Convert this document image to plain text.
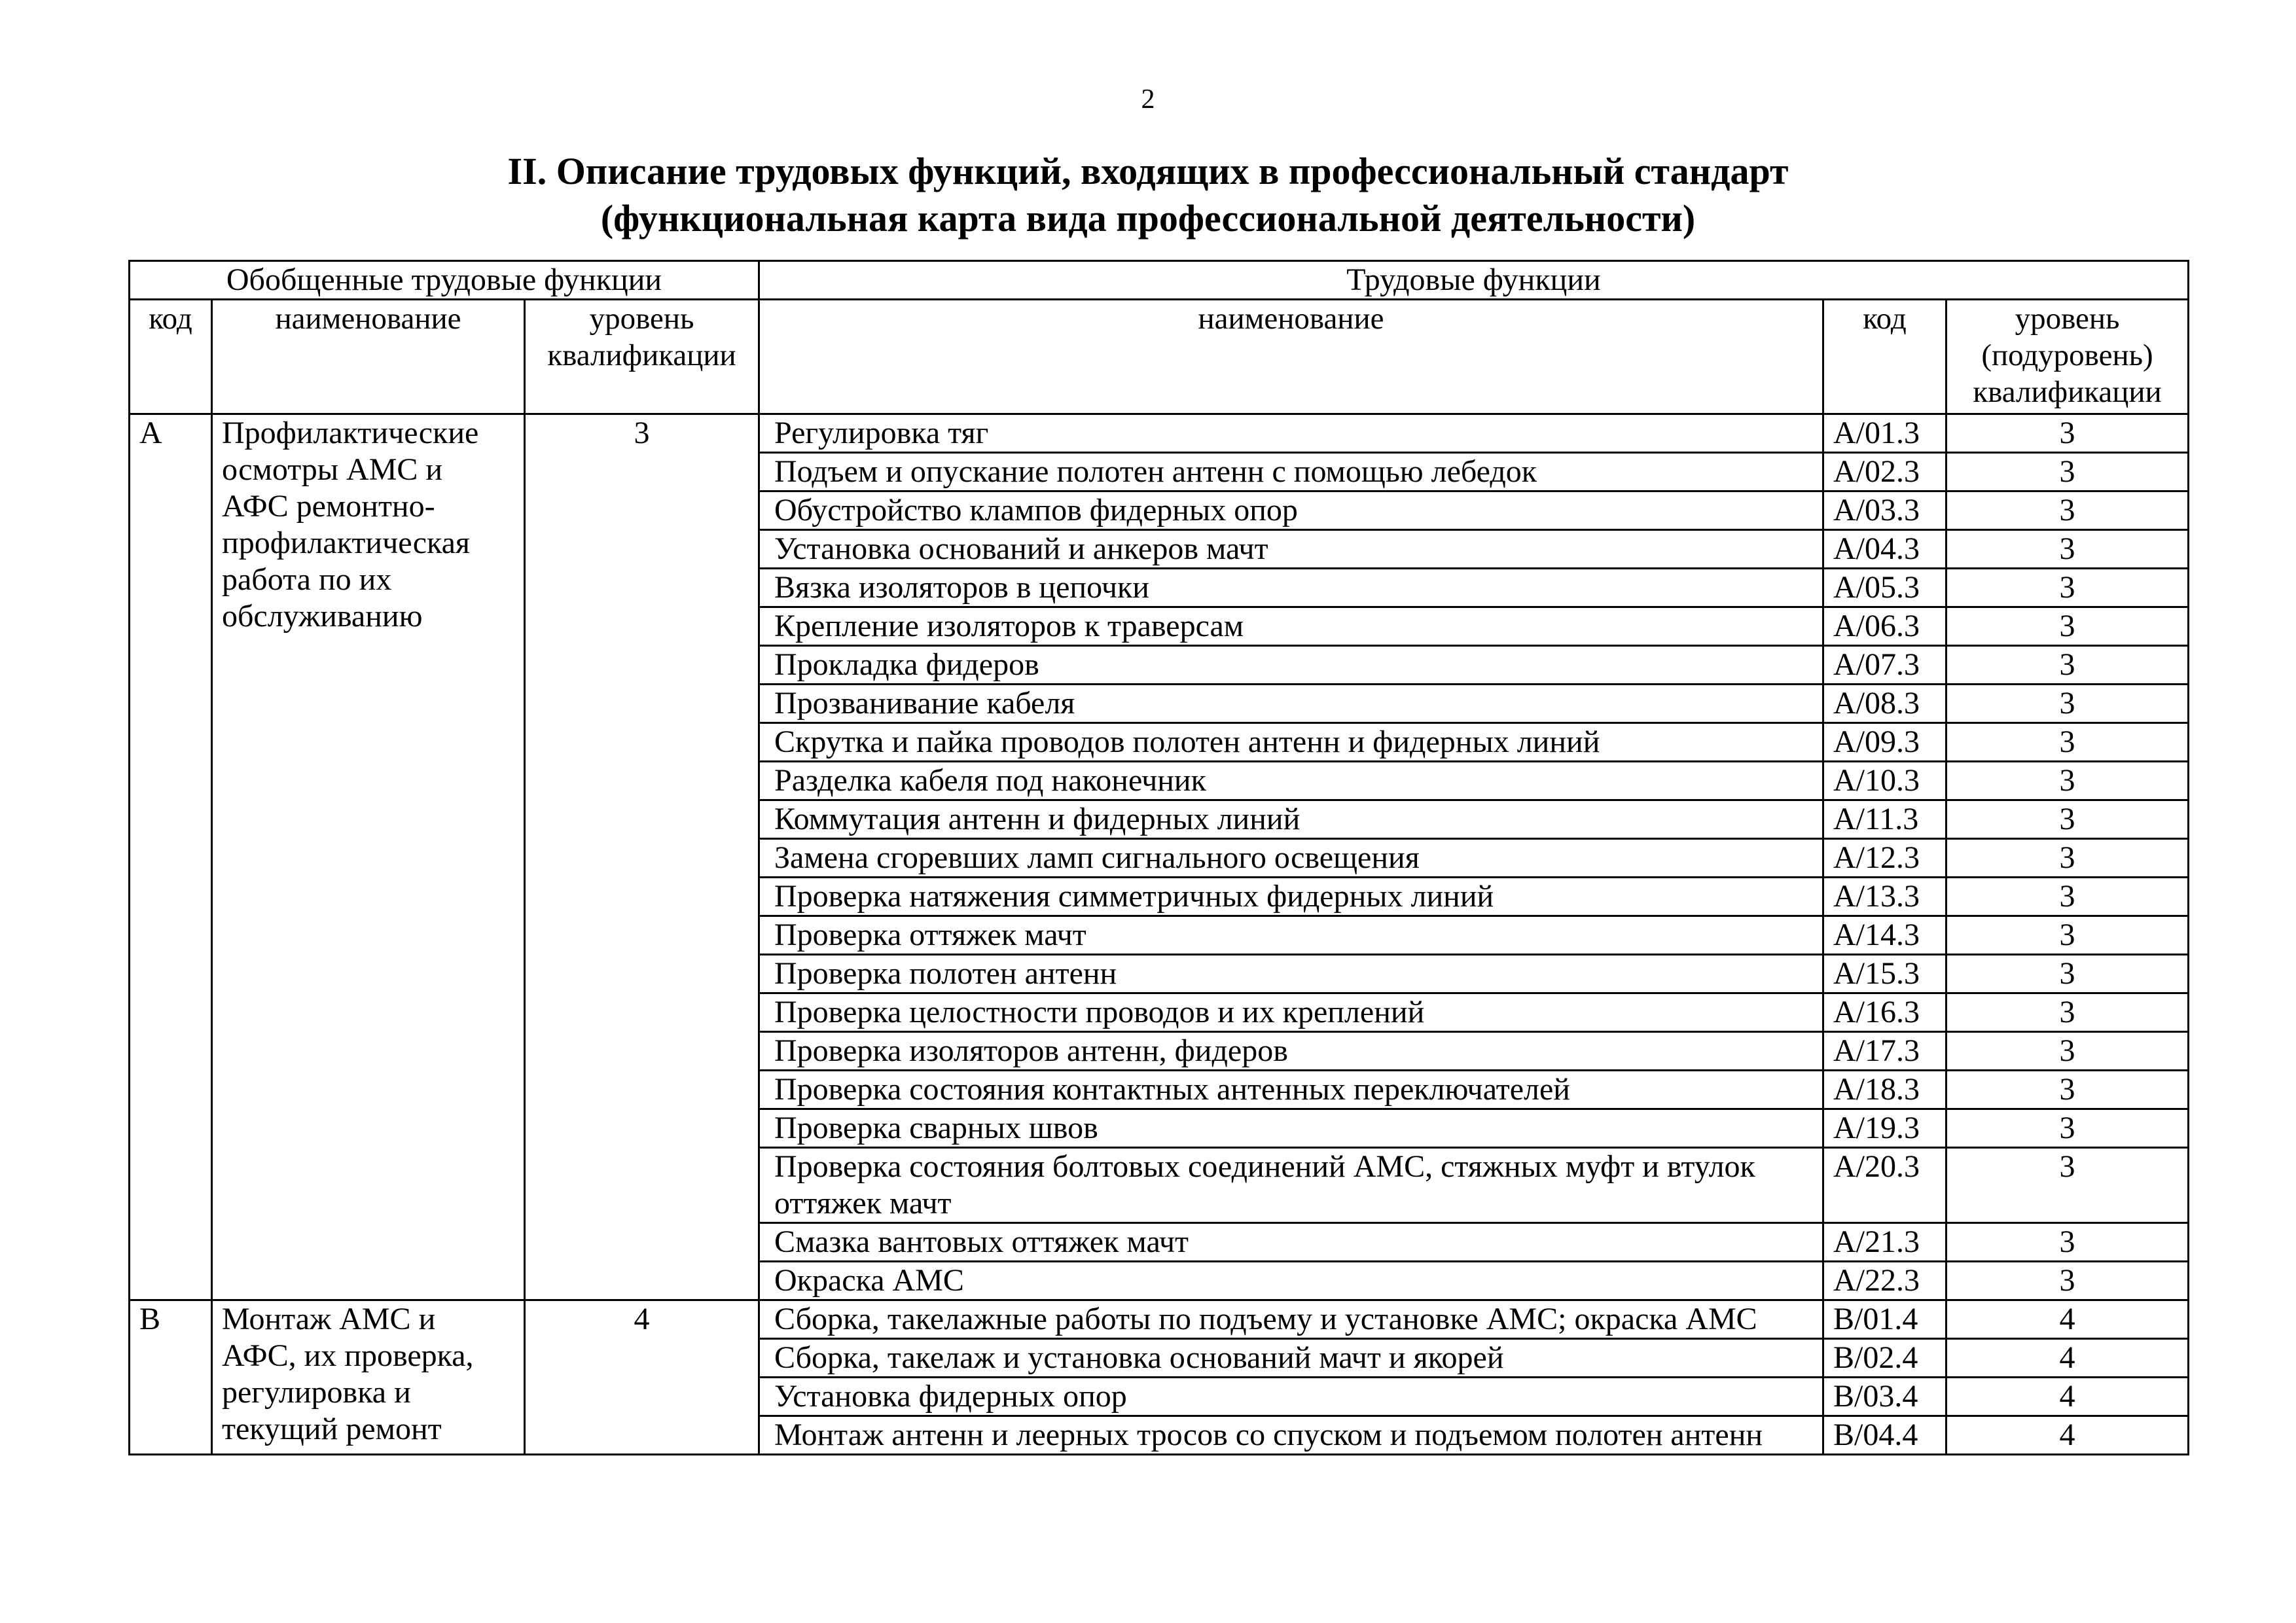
2
II. Описание трудовых функций, входящих в профессиональный стандарт
(функциональная карта вида профессиональной деятельности)
Обобщенные трудовые функции			Трудовые функции		
код	наименование	уровень квалификации	наименование	код	уровень (подуровень) квалификации
A	Профилактические осмотры АМС и АФС ремонтно-профилактическая работа по их обслуживанию	3	Регулировка тяг	A/01.3	3
			Подъем и опускание полотен антенн с помощью лебедок	A/02.3	3
			Обустройство клампов фидерных опор	A/03.3	3
			Установка оснований и анкеров мачт	A/04.3	3
			Вязка изоляторов в цепочки	A/05.3	3
			Крепление изоляторов к траверсам	A/06.3	3
			Прокладка фидеров	A/07.3	3
			Прозванивание кабеля	A/08.3	3
			Скрутка и пайка проводов полотен антенн и фидерных линий	A/09.3	3
			Разделка кабеля под наконечник	A/10.3	3
			Коммутация антенн и фидерных линий	A/11.3	3
			Замена сгоревших ламп сигнального освещения	A/12.3	3
			Проверка натяжения симметричных фидерных линий	A/13.3	3
			Проверка оттяжек мачт	A/14.3	3
			Проверка полотен антенн	A/15.3	3
			Проверка целостности проводов и их креплений	A/16.3	3
			Проверка изоляторов антенн, фидеров	A/17.3	3
			Проверка состояния контактных антенных переключателей	A/18.3	3
			Проверка сварных швов	A/19.3	3
			Проверка состояния болтовых соединений АМС, стяжных муфт и втулок оттяжек мачт	A/20.3	3
			Смазка вантовых оттяжек мачт	A/21.3	3
			Окраска АМС	A/22.3	3
B	Монтаж АМС и АФС, их проверка, регулировка и текущий ремонт	4	Сборка, такелажные работы по подъему и установке АМС; окраска АМС	B/01.4	4
			Сборка, такелаж и установка оснований мачт и якорей	B/02.4	4
			Установка фидерных опор	B/03.4	4
			Монтаж антенн и леерных тросов со спуском и подъемом полотен антенн	B/04.4	4
